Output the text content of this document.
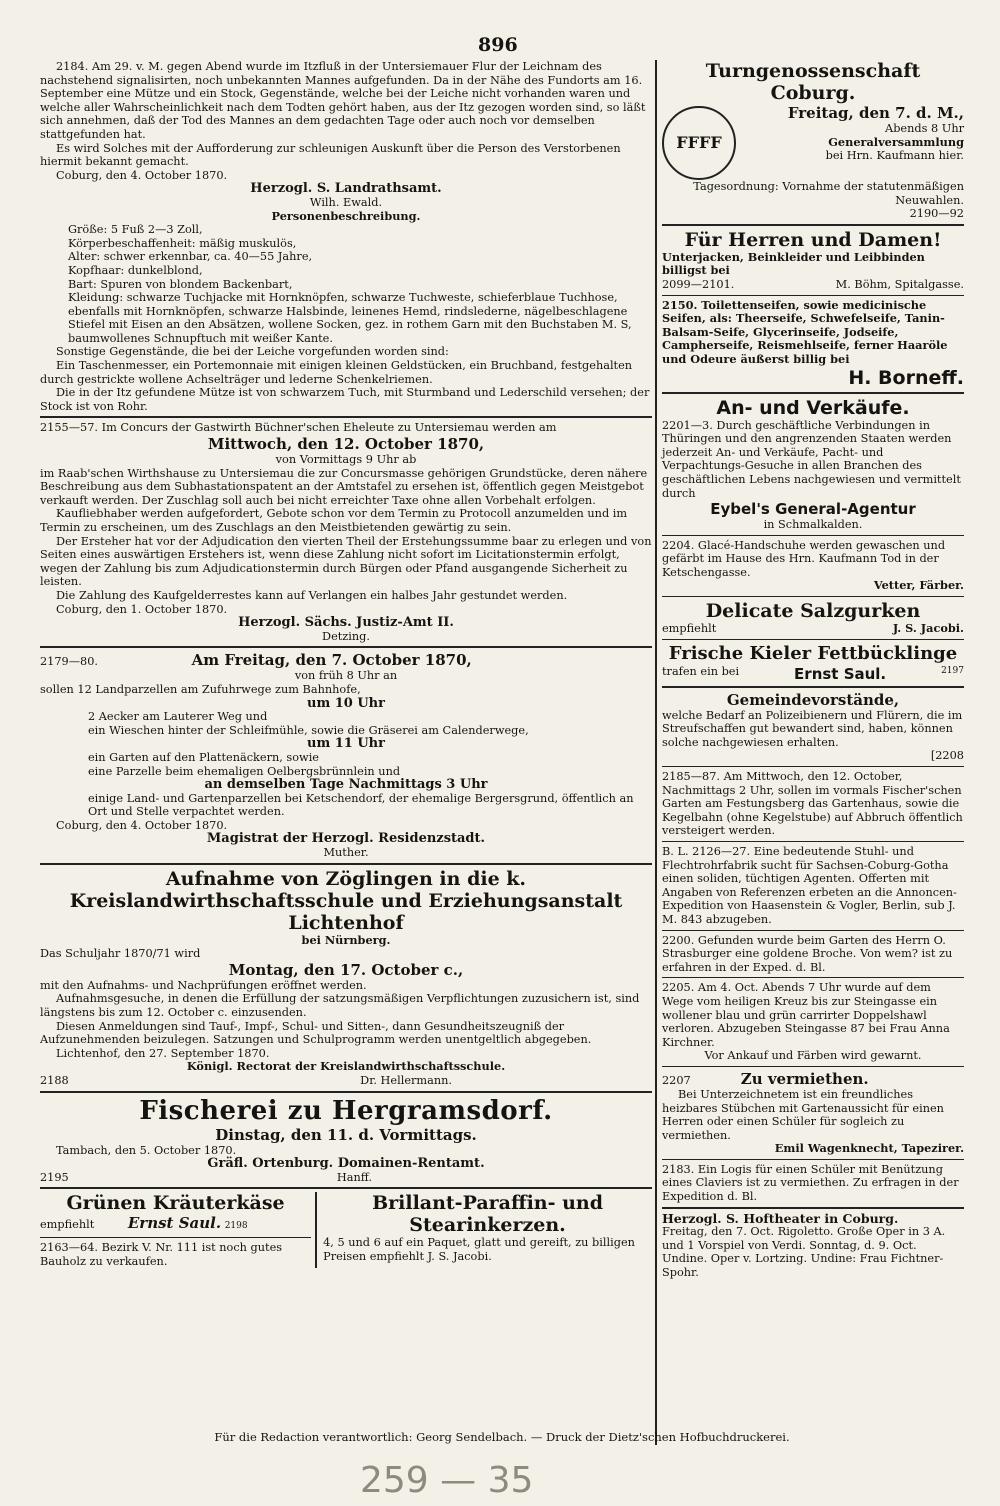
896

2184. Am 29. v. M. gegen Abend wurde im Itzfluß in der Untersiemauer Flur der Leichnam des nachstehend signalisirten, noch unbekannten Mannes aufgefunden. Da in der Nähe des Fundorts am 16. September eine Mütze und ein Stock, Gegenstände, welche bei der Leiche nicht vorhanden waren und welche aller Wahrscheinlichkeit nach dem Todten gehört haben, aus der Itz gezogen worden sind, so läßt sich annehmen, daß der Tod des Mannes an dem gedachten Tage oder auch noch vor demselben stattgefunden hat.

Es wird Solches mit der Aufforderung zur schleunigen Auskunft über die Person des Verstorbenen hiermit bekannt gemacht.

Coburg, den 4. October 1870.

Herzogl. S. Landrathsamt.

Wilh. Ewald.

Personenbeschreibung.

Größe: 5 Fuß 2—3 Zoll,

Körperbeschaffenheit: mäßig muskulös,

Alter: schwer erkennbar, ca. 40—55 Jahre,

Kopfhaar: dunkelblond,

Bart: Spuren von blondem Backenbart,

Kleidung: schwarze Tuchjacke mit Hornknöpfen, schwarze Tuchweste, schieferblaue Tuchhose, ebenfalls mit Hornknöpfen, schwarze Halsbinde, leinenes Hemd, rindslederne, nägelbeschlagene Stiefel mit Eisen an den Absätzen, wollene Socken, gez. in rothem Garn mit den Buchstaben M. S, baumwollenes Schnupftuch mit weißer Kante.

Sonstige Gegenstände, die bei der Leiche vorgefunden worden sind:

Ein Taschenmesser, ein Portemonnaie mit einigen kleinen Geldstücken, ein Bruchband, festgehalten durch gestrickte wollene Achselträger und lederne Schenkelriemen.

Die in der Itz gefundene Mütze ist von schwarzem Tuch, mit Sturmband und Lederschild versehen; der Stock ist von Rohr.

2155—57. Im Concurs der Gastwirth Büchner'schen Eheleute zu Untersiemau werden am

Mittwoch, den 12. October 1870,

von Vormittags 9 Uhr ab

im Raab'schen Wirthshause zu Untersiemau die zur Concursmasse gehörigen Grundstücke, deren nähere Beschreibung aus dem Subhastationspatent an der Amtstafel zu ersehen ist, öffentlich gegen Meistgebot verkauft werden. Der Zuschlag soll auch bei nicht erreichter Taxe ohne allen Vorbehalt erfolgen.

Kaufliebhaber werden aufgefordert, Gebote schon vor dem Termin zu Protocoll anzumelden und im Termin zu erscheinen, um des Zuschlags an den Meistbietenden gewärtig zu sein.

Der Ersteher hat vor der Adjudication den vierten Theil der Erstehungssumme baar zu erlegen und von Seiten eines auswärtigen Erstehers ist, wenn diese Zahlung nicht sofort im Licitationstermin erfolgt, wegen der Zahlung bis zum Adjudicationstermin durch Bürgen oder Pfand ausgangende Sicherheit zu leisten.

Die Zahlung des Kaufgelderrestes kann auf Verlangen ein halbes Jahr gestundet werden.

Coburg, den 1. October 1870.

Herzogl. Sächs. Justiz-Amt II.

Detzing.

2179—80.	Am Freitag, den 7. October 1870,

von früh 8 Uhr an

sollen 12 Landparzellen am Zufuhrwege zum Bahnhofe,

um 10 Uhr

2 Aecker am Lauterer Weg und

ein Wieschen hinter der Schleifmühle, sowie die Gräserei am Calenderwege,

um 11 Uhr

ein Garten auf den Plattenäckern, sowie

eine Parzelle beim ehemaligen Oelbergsbrünnlein und

an demselben Tage Nachmittags 3 Uhr

einige Land- und Gartenparzellen bei Ketschendorf, der ehemalige Bergersgrund, öffentlich an Ort und Stelle verpachtet werden.

Coburg, den 4. October 1870.

Magistrat der Herzogl. Residenzstadt.

Muther.

Aufnahme von Zöglingen in die k. Kreislandwirthschaftsschule und Erziehungsanstalt Lichtenhof

bei Nürnberg.

Das Schuljahr 1870/71 wird

Montag, den 17. October c.,

mit den Aufnahms- und Nachprüfungen eröffnet werden.

Aufnahmsgesuche, in denen die Erfüllung der satzungsmäßigen Verpflichtungen zuzusichern ist, sind längstens bis zum 12. October c. einzusenden.

Diesen Anmeldungen sind Tauf-, Impf-, Schul- und Sitten-, dann Gesundheitszeugniß der Aufzunehmenden beizulegen. Satzungen und Schulprogramm werden unentgeltlich abgegeben.

Lichtenhof, den 27. September 1870.

Königl. Rectorat der Kreislandwirthschaftsschule.

2188	Dr. Hellermann.

Fischerei zu Hergramsdorf.

Dinstag, den 11. d. Vormittags.

Tambach, den 5. October 1870.

Gräfl. Ortenburg. Domainen-Rentamt.

2195	Hanff.

Grünen Kräuterkäse

empfiehlt Ernst Saul. 2198

2163—64. Bezirk V. Nr. 111 ist noch gutes

Bauholz zu verkaufen.

Brillant-Paraffin- und Stearinkerzen.

4, 5 und 6 auf ein Paquet, glatt und gereift, zu billigen Preisen empfiehlt J. S. Jacobi.

Turngenossenschaft Coburg.

FFFF

Freitag, den 7. d. M.,

Abends 8 Uhr

Generalversammlung

bei Hrn. Kaufmann hier.

Tagesordnung: Vornahme der statutenmäßigen Neuwahlen.

2190—92

Für Herren und Damen!

Unterjacken, Beinkleider und Leibbinden billigst bei

2099—2101.	M. Böhm, Spitalgasse.

2150. Toilettenseifen, sowie medicinische Seifen, als: Theerseife, Schwefelseife, Tanin-Balsam-Seife, Glycerinseife, Jodseife, Campherseife, Reismehlseife, ferner Haaröle und Odeure äußerst billig bei

H. Borneff.

An- und Verkäufe.

2201—3. Durch geschäftliche Verbindungen in Thüringen und den angrenzenden Staaten werden jederzeit An- und Verkäufe, Pacht- und Verpachtungs-Gesuche in allen Branchen des geschäftlichen Lebens nachgewiesen und vermittelt durch

Eybel's General-Agentur

in Schmalkalden.

2204. Glacé-Handschuhe werden gewaschen und gefärbt im Hause des Hrn. Kaufmann Tod in der Ketschengasse.

Vetter, Färber.

Delicate Salzgurken

empfiehlt	J. S. Jacobi.

Frische Kieler Fettbücklinge

trafen ein bei	Ernst Saul.	2197

Gemeindevorstände,

welche Bedarf an Polizeibienern und Flürern, die im Streufschaffen gut bewandert sind, haben, können solche nachgewiesen erhalten.

[2208

2185—87. Am Mittwoch, den 12. October, Nachmittags 2 Uhr, sollen im vormals Fischer'schen Garten am Festungsberg das Gartenhaus, sowie die Kegelbahn (ohne Kegelstube) auf Abbruch öffentlich versteigert werden.

B. L. 2126—27. Eine bedeutende Stuhl- und Flechtrohrfabrik sucht für Sachsen-Coburg-Gotha einen soliden, tüchtigen Agenten. Offerten mit Angaben von Referenzen erbeten an die Annoncen-Expedition von Haasenstein & Vogler, Berlin, sub J. M. 843 abzugeben.

2200. Gefunden wurde beim Garten des Herrn O. Strasburger eine goldene Broche. Von wem? ist zu erfahren in der Exped. d. Bl.

2205. Am 4. Oct. Abends 7 Uhr wurde auf dem Wege vom heiligen Kreuz bis zur Steingasse ein wollener blau und grün carrirter Doppelshawl verloren. Abzugeben Steingasse 87 bei Frau Anna Kirchner.

Vor Ankauf und Färben wird gewarnt.

2207	Zu vermiethen.

Bei Unterzeichnetem ist ein freundliches heizbares Stübchen mit Gartenaussicht für einen Herren oder einen Schüler für sogleich zu vermiethen.

Emil Wagenknecht, Tapezirer.

2183. Ein Logis für einen Schüler mit Benützung eines Claviers ist zu vermiethen. Zu erfragen in der Expedition d. Bl.

Herzogl. S. Hoftheater in Coburg.

Freitag, den 7. Oct. Rigoletto. Große Oper in 3 A. und 1 Vorspiel von Verdi. Sonntag, d. 9. Oct. Undine. Oper v. Lortzing. Undine: Frau Fichtner-Spohr.

Für die Redaction verantwortlich: Georg Sendelbach. — Druck der Dietz'schen Hofbuchdruckerei.
259 — 35
